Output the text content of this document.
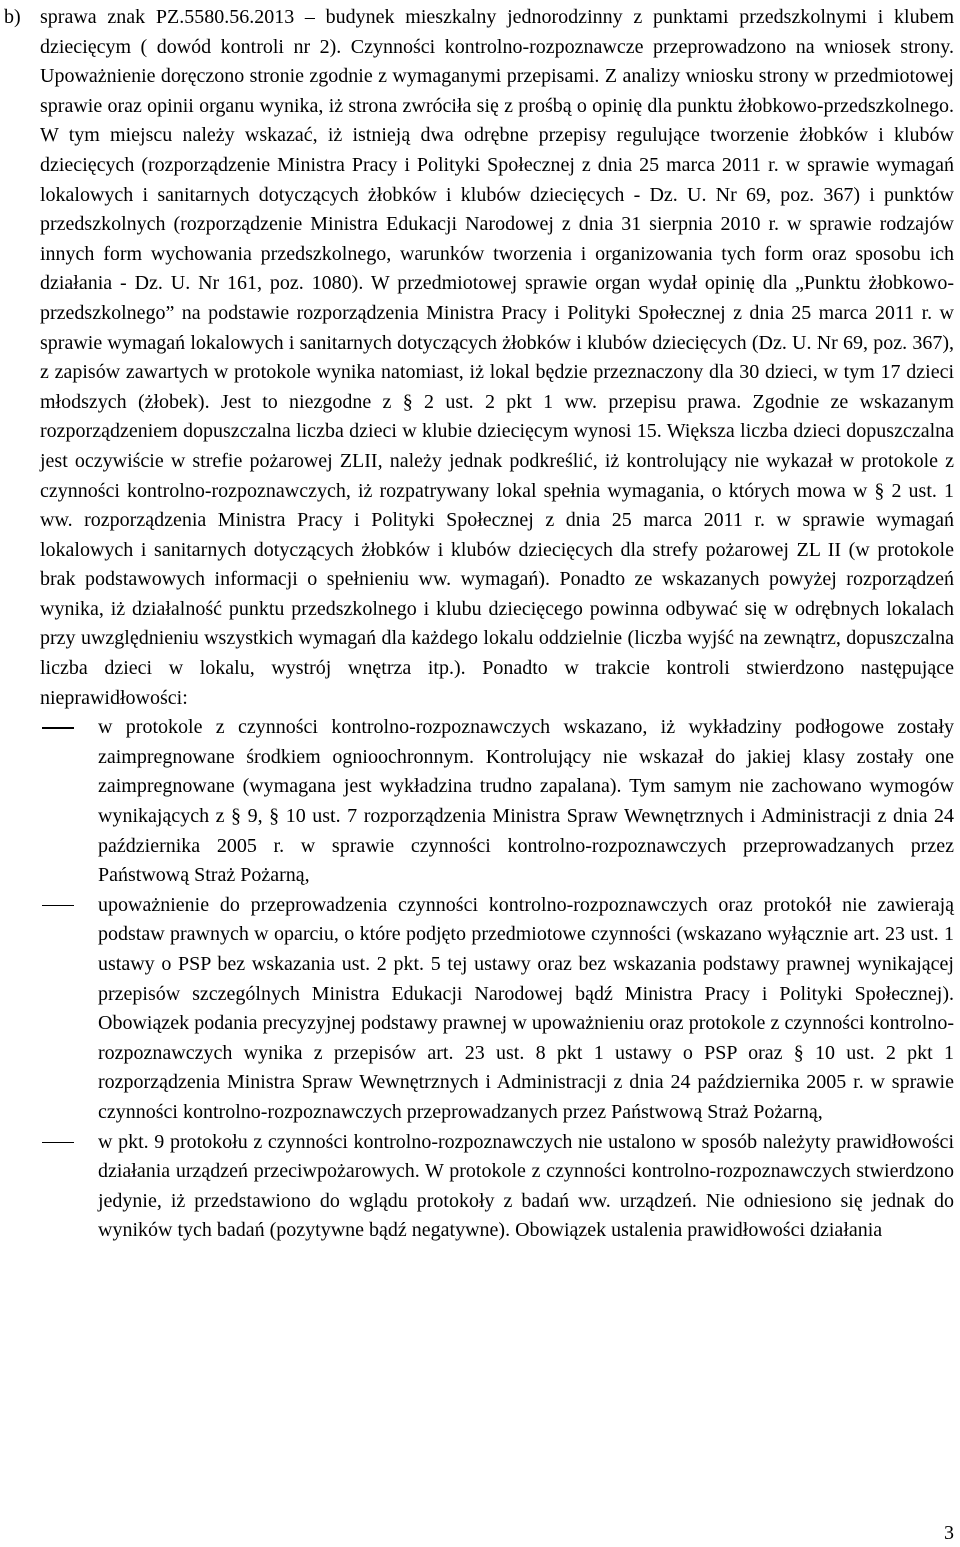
b) sprawa znak PZ.5580.56.2013 – budynek mieszkalny jednorodzinny z punktami przedszkolnymi i klubem dziecięcym ( dowód kontroli nr 2). Czynności kontrolno-rozpoznawcze przeprowadzono na wniosek strony. Upoważnienie doręczono stronie zgodnie z wymaganymi przepisami. Z analizy wniosku strony w przedmiotowej sprawie oraz opinii organu wynika, iż strona zwróciła się z prośbą o opinię dla punktu żłobkowo-przedszkolnego. W tym miejscu należy wskazać, iż istnieją dwa odrębne przepisy regulujące tworzenie żłobków i klubów dziecięcych (rozporządzenie Ministra Pracy i Polityki Społecznej z dnia 25 marca 2011 r. w sprawie wymagań lokalowych i sanitarnych dotyczących żłobków i klubów dziecięcych - Dz. U. Nr 69, poz. 367) i punktów przedszkolnych (rozporządzenie Ministra Edukacji Narodowej z dnia 31 sierpnia 2010 r. w sprawie rodzajów innych form wychowania przedszkolnego, warunków tworzenia i organizowania tych form oraz sposobu ich działania - Dz. U. Nr 161, poz. 1080). W przedmiotowej sprawie organ wydał opinię dla „Punktu żłobkowo-przedszkolnego” na podstawie rozporządzenia Ministra Pracy i Polityki Społecznej z dnia 25 marca 2011 r. w sprawie wymagań lokalowych i sanitarnych dotyczących żłobków i klubów dziecięcych (Dz. U. Nr 69, poz. 367), z zapisów zawartych w protokole wynika natomiast, iż lokal będzie przeznaczony dla 30 dzieci, w tym 17 dzieci młodszych (żłobek). Jest to niezgodne z § 2 ust. 2 pkt 1 ww. przepisu prawa. Zgodnie ze wskazanym rozporządzeniem dopuszczalna liczba dzieci w klubie dziecięcym wynosi 15. Większa liczba dzieci dopuszczalna jest oczywiście w strefie pożarowej ZLII, należy jednak podkreślić, iż kontrolujący nie wykazał w protokole z czynności kontrolno-rozpoznawczych, iż rozpatrywany lokal spełnia wymagania, o których mowa w § 2 ust. 1 ww. rozporządzenia Ministra Pracy i Polityki Społecznej z dnia 25 marca 2011 r. w sprawie wymagań lokalowych i sanitarnych dotyczących żłobków i klubów dziecięcych dla strefy pożarowej ZL II (w protokole brak podstawowych informacji o spełnieniu ww. wymagań). Ponadto ze wskazanych powyżej rozporządzeń wynika, iż działalność punktu przedszkolnego i klubu dziecięcego powinna odbywać się w odrębnych lokalach przy uwzględnieniu wszystkich wymagań dla każdego lokalu oddzielnie (liczba wyjść na zewnątrz, dopuszczalna liczba dzieci w lokalu, wystrój wnętrza itp.). Ponadto w trakcie kontroli stwierdzono następujące nieprawidłowości:
w protokole z czynności kontrolno-rozpoznawczych wskazano, iż wykładziny podłogowe zostały zaimpregnowane środkiem ognioochronnym. Kontrolujący nie wskazał do jakiej klasy zostały one zaimpregnowane (wymagana jest wykładzina trudno zapalana). Tym samym nie zachowano wymogów wynikających z § 9, § 10 ust. 7 rozporządzenia Ministra Spraw Wewnętrznych i Administracji z dnia 24 października 2005 r. w sprawie czynności kontrolno-rozpoznawczych przeprowadzanych przez Państwową Straż Pożarną,
upoważnienie do przeprowadzenia czynności kontrolno-rozpoznawczych oraz protokół nie zawierają podstaw prawnych w oparciu, o które podjęto przedmiotowe czynności (wskazano wyłącznie art. 23 ust. 1 ustawy o PSP bez wskazania ust. 2 pkt. 5 tej ustawy oraz bez wskazania podstawy prawnej wynikającej przepisów szczególnych Ministra Edukacji Narodowej bądź Ministra Pracy i Polityki Społecznej). Obowiązek podania precyzyjnej podstawy prawnej w upoważnieniu oraz protokole z czynności kontrolno-rozpoznawczych wynika z przepisów art. 23 ust. 8 pkt 1 ustawy o PSP oraz § 10 ust. 2 pkt 1 rozporządzenia Ministra Spraw Wewnętrznych i Administracji z dnia 24 października 2005 r. w sprawie czynności kontrolno-rozpoznawczych przeprowadzanych przez Państwową Straż Pożarną,
w pkt. 9 protokołu z czynności kontrolno-rozpoznawczych nie ustalono w sposób należyty prawidłowości działania urządzeń przeciwpożarowych. W protokole z czynności kontrolno-rozpoznawczych stwierdzono jedynie, iż przedstawiono do wglądu protokoły z badań ww. urządzeń. Nie odniesiono się jednak do wyników tych badań (pozytywne bądź negatywne). Obowiązek ustalenia prawidłowości działania
3
